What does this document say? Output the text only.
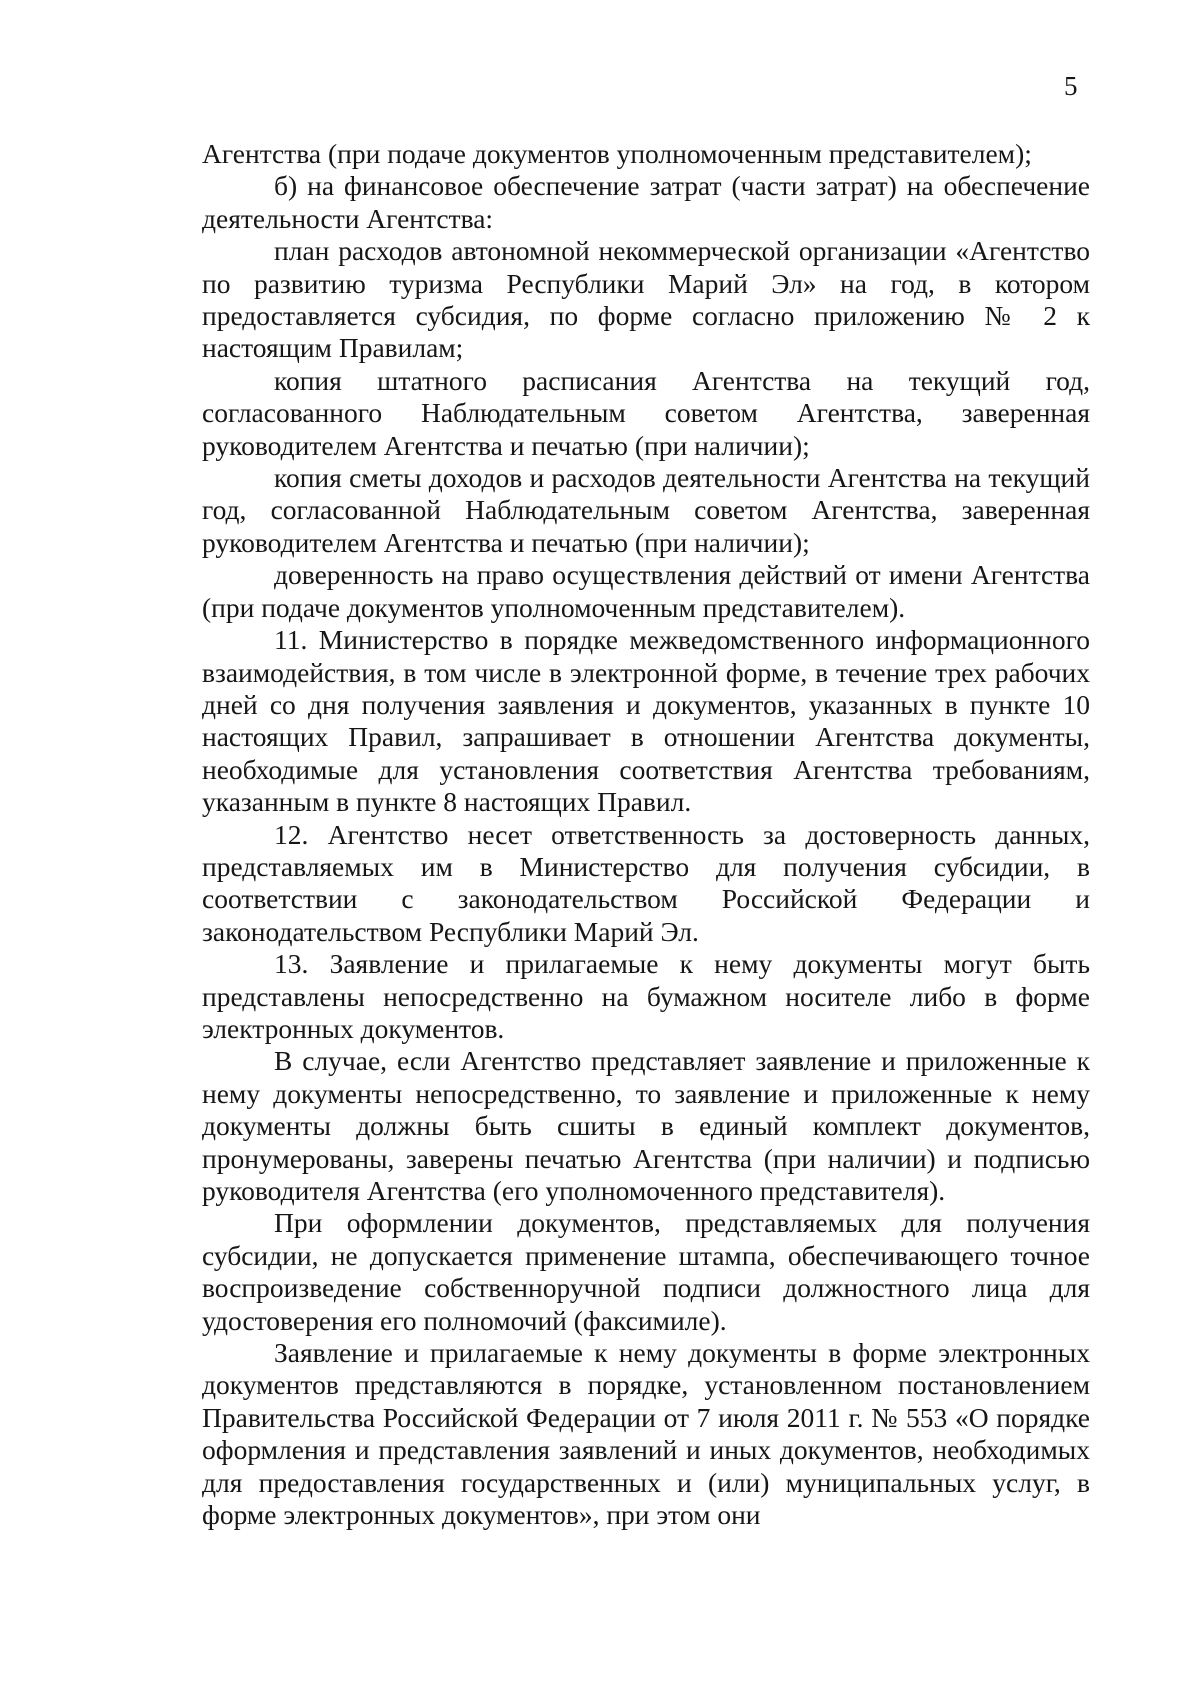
5

Агентства (при подаче документов уполномоченным представителем);

б) на финансовое обеспечение затрат (части затрат) на обеспечение деятельности Агентства:

план расходов автономной некоммерческой организации «Агентство по развитию туризма Республики Марий Эл» на год, в котором предоставляется субсидия, по форме согласно приложению № 2 к настоящим Правилам;

копия штатного расписания Агентства на текущий год, согласованного Наблюдательным советом Агентства, заверенная руководителем Агентства и печатью (при наличии);

копия сметы доходов и расходов деятельности Агентства на текущий год, согласованной Наблюдательным советом Агентства, заверенная руководителем Агентства и печатью (при наличии);

доверенность на право осуществления действий от имени Агентства (при подаче документов уполномоченным представителем).

11. Министерство в порядке межведомственного информационного взаимодействия, в том числе в электронной форме, в течение трех рабочих дней со дня получения заявления и документов, указанных в пункте 10 настоящих Правил, запрашивает в отношении Агентства документы, необходимые для установления соответствия Агентства требованиям, указанным в пункте 8 настоящих Правил.

12. Агентство несет ответственность за достоверность данных, представляемых им в Министерство для получения субсидии, в соответствии с законодательством Российской Федерации и законодательством Республики Марий Эл.

13. Заявление и прилагаемые к нему документы могут быть представлены непосредственно на бумажном носителе либо в форме электронных документов.

В случае, если Агентство представляет заявление и приложенные к нему документы непосредственно, то заявление и приложенные к нему документы должны быть сшиты в единый комплект документов, пронумерованы, заверены печатью Агентства (при наличии) и подписью руководителя Агентства (его уполномоченного представителя).

При оформлении документов, представляемых для получения субсидии, не допускается применение штампа, обеспечивающего точное воспроизведение собственноручной подписи должностного лица для удостоверения его полномочий (факсимиле).

Заявление и прилагаемые к нему документы в форме электронных документов представляются в порядке, установленном постановлением Правительства Российской Федерации от 7 июля 2011 г. № 553 «О порядке оформления и представления заявлений и иных документов, необходимых для предоставления государственных и (или) муниципальных услуг, в форме электронных документов», при этом они
